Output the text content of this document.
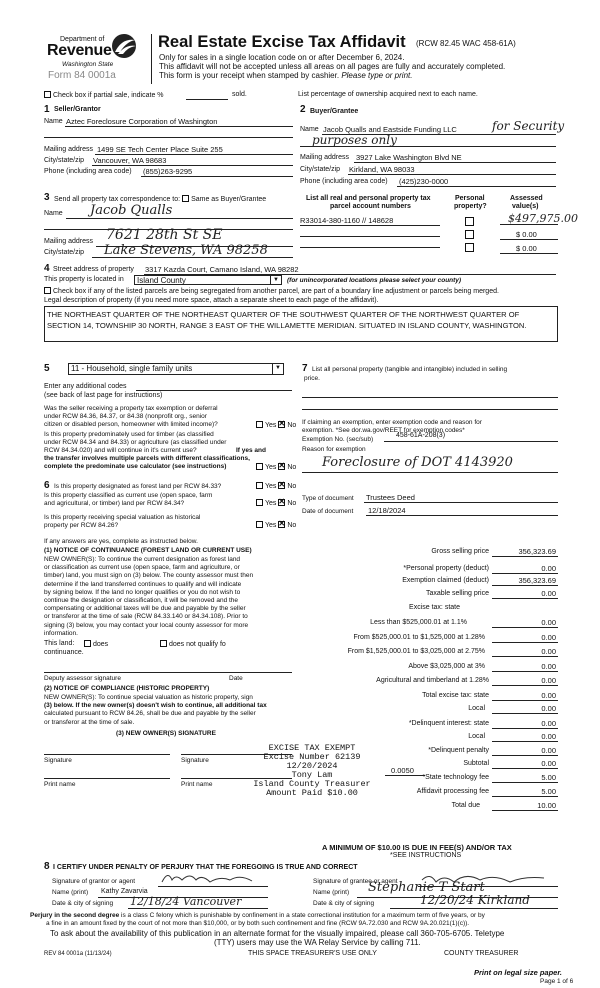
Department of
Revenue
Washington State
Form 84 0001a
Real Estate Excise Tax Affidavit (RCW 82.45 WAC 458-61A)
Only for sales in a single location code on or after December 6, 2024.
This affidavit will not be accepted unless all areas on all pages are fully and accurately completed.
This form is your receipt when stamped by cashier. Please type or print.
Check box if partial sale, indicate %	sold.	List percentage of ownership acquired next to each name.
1 Seller/Grantor
Name Aztec Foreclosure Corporation of Washington
Mailing address 1499 SE Tech Center Place Suite 255
City/state/zip Vancouver, WA 98683
Phone (including area code) (855)263-9295
2 Buyer/Grantee
Name Jacob Qualls and Eastside Funding LLC	for Security
purposes only
Mailing address 3927 Lake Washington Blvd NE
City/state/zip Kirkland, WA 98033
Phone (including area code) (425)230-0000
3 Send all property tax correspondence to: Same as Buyer/Grantee
Name Jacob Qualls
Mailing address 7621 28th St SE
City/state/zip Lake Stevens, WA 98258
List all real and personal property tax
parcel account numbers
Personal
property?
Assessed
value(s)
R33014-380-1160 // 148628	$497,975.00
$ 0.00
$ 0.00
4 Street address of property 3317 Kazda Court, Camano Island, WA 98282
This property is located in	Island County	▼	(for unincorporated locations please select your county)
Check box if any of the listed parcels are being segregated from another parcel, are part of a boundary line adjustment or parcels being merged.
Legal description of property (if you need more space, attach a separate sheet to each page of the affidavit).
THE NORTHEAST QUARTER OF THE NORTHEAST QUARTER OF THE SOUTHWEST QUARTER OF THE NORTHWEST QUARTER OF SECTION 14, TOWNSHIP 30 NORTH, RANGE 3 EAST OF THE WILLAMETTE MERIDIAN. SITUATED IN ISLAND COUNTY, WASHINGTON.
5	11 - Household, single family units	▼
Enter any additional codes
(see back of last page for instructions)
Was the seller receiving a property tax exemption or deferral
under RCW 84.36, 84.37, or 84.38 (nonprofit org., senior
citizen or disabled person, homeowner with limited income)?	Yes ✕ No
Is this property predominately used for timber (as classified
under RCW 84.34 and 84.33) or agriculture (as classified under
RCW 84.34.020) and will continue in it's current use?	If yes and
the transfer involves multiple parcels with different classifications,
complete the predominate use calculator (see instructions)	Yes ✕ No
6 Is this property designated as forest land per RCW 84.33?	Yes ✕ No
Is this property classified as current use (open space, farm
and agricultural, or timber) land per RCW 84.34?	Yes ✕ No
Is this property receiving special valuation as historical
property per RCW 84.26?	Yes ✕ No
If any answers are yes, complete as instructed below.
(1) NOTICE OF CONTINUANCE (FOREST LAND OR CURRENT USE)
NEW OWNER(S): To continue the current designation as forest land
or classification as current use (open space, farm and agriculture, or
timber) land, you must sign on (3) below. The county assessor must then
determine if the land transferred continues to qualify and will indicate
by signing below. If the land no longer qualifies or you do not wish to
continue the designation or classification, it will be removed and the
compensating or additional taxes will be due and payable by the seller
or transferor at the time of sale (RCW 84.33.140 or 84.34.108). Prior to
signing (3) below, you may contact your local county assessor for more
information.
This land:	does	does not qualify fo
continuance.
Deputy assessor signature	Date
(2) NOTICE OF COMPLIANCE (HISTORIC PROPERTY)
NEW OWNER(S): To continue special valuation as historic property, sign
(3) below. If the new owner(s) doesn't wish to continue, all additional tax
calculated pursuant to RCW 84.26, shall be due and payable by the seller
or transferor at the time of sale.
(3) NEW OWNER(S) SIGNATURE
Signature	Signature
Print name	Print name
7 List all personal property (tangible and intangible) included in selling
price.
If claiming an exemption, enter exemption code and reason for
exemption. *See dor.wa.gov/REET for exemption codes*
Exemption No. (sec/sub)
458-61A-208(3)
Reason for exemption
Foreclosure of DOT 4143920
Type of document Trustees Deed
Date of document 12/18/2024
Gross selling price	356,323.69
*Personal property (deduct)	0.00
Exemption claimed (deduct)	356,323.69
Taxable selling price	0.00
Excise tax: state
Less than $525,000.01 at 1.1%	0.00
From $525,000.01 to $1,525,000 at 1.28%	0.00
From $1,525,000.01 to $3,025,000 at 2.75%	0.00
Above $3,025,000 at 3%	0.00
Agricultural and timberland at 1.28%	0.00
Total excise tax: state	0.00
Local	0.00
*Delinquent interest: state	0.00
Local	0.00
*Delinquent penalty	0.00
Subtotal	0.00
*State technology fee	5.00
Affidavit processing fee	5.00
Total due	10.00
0.0050
A MINIMUM OF $10.00 IS DUE IN FEE(S) AND/OR TAX
*SEE INSTRUCTIONS
EXCISE TAX EXEMPT
Excise Number 62139
12/20/2024
Tony Lam
Island County Treasurer
Amount Paid $10.00
8 I CERTIFY UNDER PENALTY OF PERJURY THAT THE FOREGOING IS TRUE AND CORRECT
Signature of grantor or agent
Name (print) Kathy Zavarvia
Date & city of signing 12/18/24 Vancouver
Signature of grantee or agent
Name (print) Stephanie T Start
Date & city of signing	12/20/24 Kirkland
Perjury in the second degree is a class C felony which is punishable by confinement in a state correctional institution for a maximum term of five years, or by
a fine in an amount fixed by the court of not more than $10,000, or by both such confinement and fine (RCW 9A.72.030 and RCW 9A.20.021(1)(c)).
To ask about the availability of this publication in an alternate format for the visually impaired, please call 360-705-6705. Teletype
(TTY) users may use the WA Relay Service by calling 711.
REV 84 0001a (11/13/24)	THIS SPACE TREASURER'S USE ONLY	COUNTY TREASURER
Print on legal size paper.
Page 1 of 6
